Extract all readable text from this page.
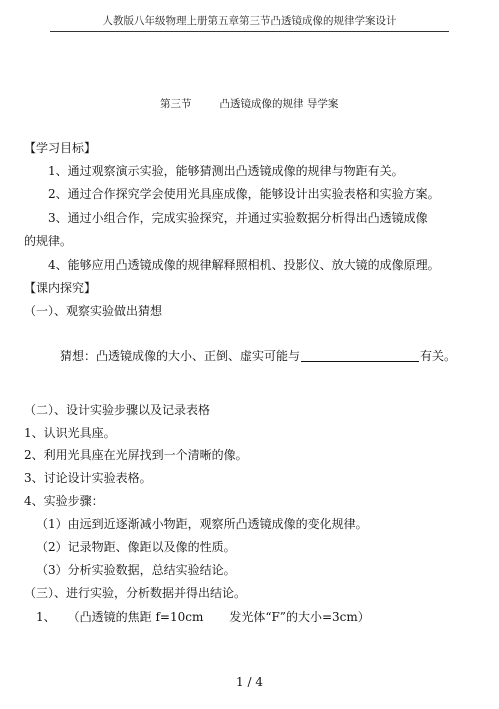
人教版八年级物理上册第五章第三节凸透镜成像的规律学案设计
第三节	凸透镜成像的规律 导学案
【学习目标】
1、通过观察演示实验，能够猜测出凸透镜成像的规律与物距有关。
2、通过合作探究学会使用光具座成像，能够设计出实验表格和实验方案。
3、通过小组合作，完成实验探究，并通过实验数据分析得出凸透镜成像
的规律。
4、能够应用凸透镜成像的规律解释照相机、投影仪、放大镜的成像原理。
【课内探究】
（一）、观察实验做出猜想
猜想：凸透镜成像的大小、正倒、虚实可能与	有关。
（二）、设计实验步骤以及记录表格
1、认识光具座。
2、利用光具座在光屏找到一个清晰的像。
3、讨论设计实验表格。
4、实验步骤：
（1）由远到近逐渐减小物距，观察所凸透镜成像的变化规律。
（2）记录物距、像距以及像的性质。
（3）分析实验数据，总结实验结论。
（三）、进行实验，分析数据并得出结论。
1、 （凸透镜的焦距 f=10cm 发光体“F”的大小=3cm）
1 / 4
